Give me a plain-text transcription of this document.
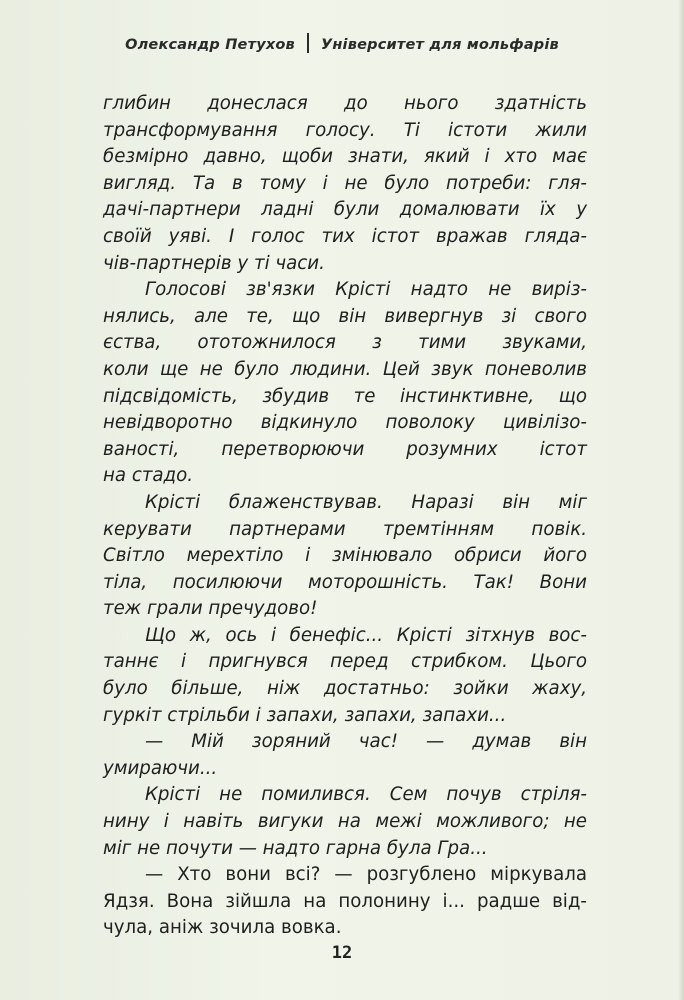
Олександр Петухов Університет для мольфарів
глибин донеслася до нього здатність
трансформування голосу. Ті істоти жили
безмірно давно, щоби знати, який і хто має
вигляд. Та в тому і не було потреби: гля-
дачі-партнери ладні були домалювати їх у
своїй уяві. І голос тих істот вражав гляда-
чів-партнерів у ті часи.
Голосові зв'язки Крісті надто не виріз-
нялись, але те, що він вивергнув зі свого
єства, ототожнилося з тими звуками,
коли ще не було людини. Цей звук поневолив
підсвідомість, збудив те інстинктивне, що
невідворотно відкинуло поволоку цивілізо-
ваності, перетворюючи розумних істот
на стадо.
Крісті блаженствував. Наразі він міг
керувати партнерами тремтінням повік.
Світло мерехтіло і змінювало обриси його
тіла, посилюючи моторошність. Так! Вони
теж грали пречудово!
Що ж, ось і бенефіс... Крісті зітхнув вос-
таннє і пригнувся перед стрибком. Цього
було більше, ніж достатньо: зойки жаху,
гуркіт стрільби і запахи, запахи, запахи...
— Мій зоряний час! — думав він
умираючи...
Крісті не помилився. Сем почув стріля-
нину і навіть вигуки на межі можливого; не
міг не почути — надто гарна була Гра...
— Хто вони всі? — розгублено міркувала
Ядзя. Вона зійшла на полонину і... радше від-
чула, аніж зочила вовка.
12
